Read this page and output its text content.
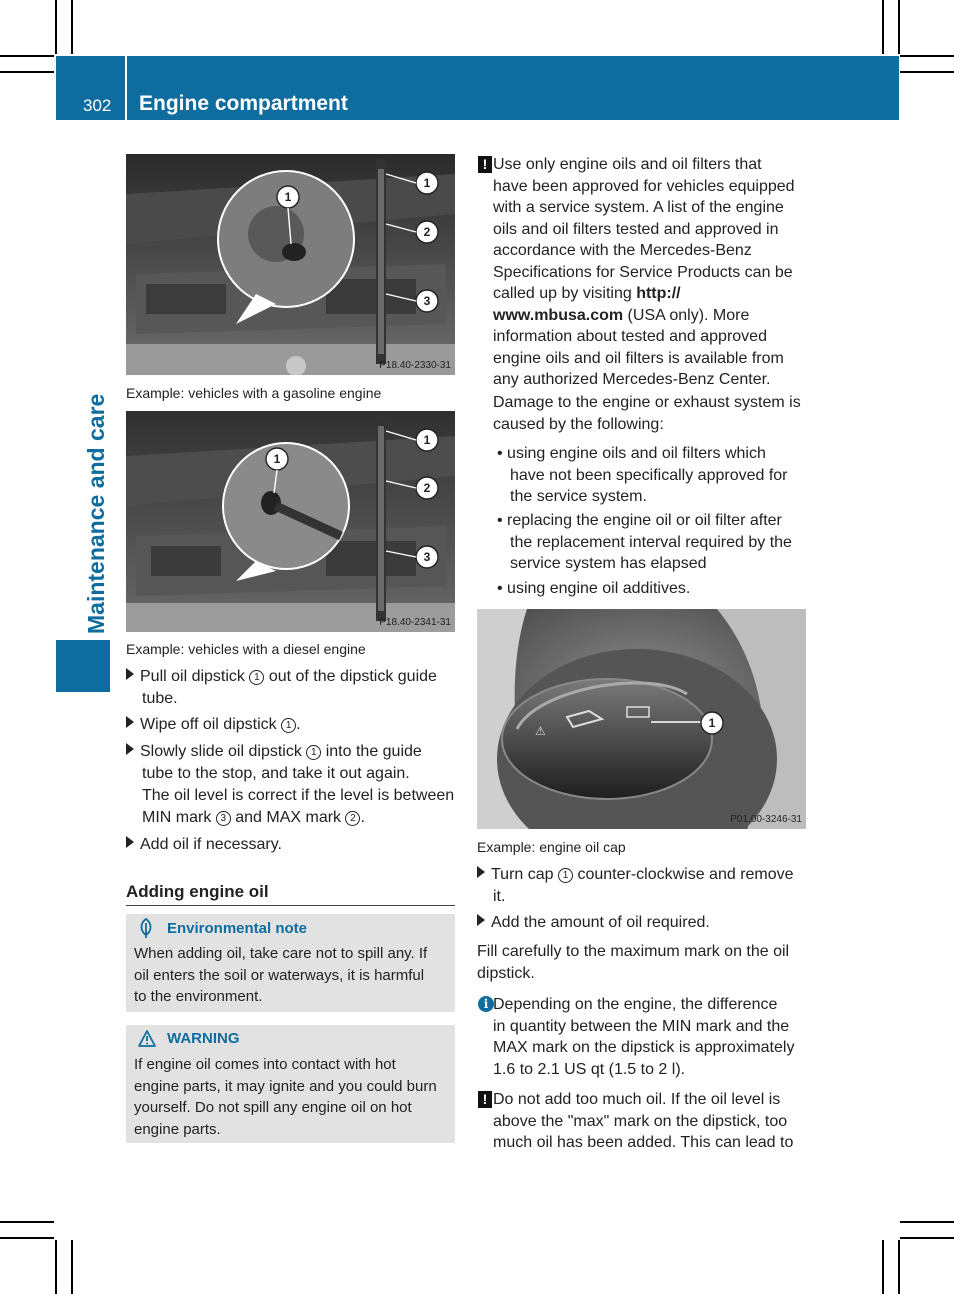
302 Engine compartment
Maintenance and care
1
2
3
1
P18.40-2330-31
Example: vehicles with a gasoline engine
1
2
3
1
P18.40-2341-31
Example: vehicles with a diesel engine
Pull oil dipstick 1 out of the dipstick guide
tube.
Wipe off oil dipstick 1 .
Slowly slide oil dipstick 1 into the guide
tube to the stop, and take it out again.
The oil level is correct if the level is between
MIN mark 3 and MAX mark 2 .
Add oil if necessary.
Adding engine oil
Environmental note
When adding oil, take care not to spill any. If
oil enters the soil or waterways, it is harmful
to the environment.
WARNING
If engine oil comes into contact with hot
engine parts, it may ignite and you could burn
yourself. Do not spill any engine oil on hot
engine parts.
! Use only engine oils and oil filters that
have been approved for vehicles equipped
with a service system. A list of the engine
oils and oil filters tested and approved in
accordance with the Mercedes-Benz
Specifications for Service Products can be
called up by visiting http://
www.mbusa.com (USA only). More
information about tested and approved
engine oils and oil filters is available from
any authorized Mercedes-Benz Center.
Damage to the engine or exhaust system is
caused by the following:
• using engine oils and oil filters which
have not been specifically approved for
the service system.
• replacing the engine oil or oil filter after
the replacement interval required by the
service system has elapsed
• using engine oil additives.
⚠
1
P01.00-3246-31
Example: engine oil cap
Turn cap 1 counter-clockwise and remove
it.
Add the amount of oil required.
Fill carefully to the maximum mark on the oil
dipstick.
i Depending on the engine, the difference
in quantity between the MIN mark and the
MAX mark on the dipstick is approximately
1.6 to 2.1 US qt (1.5 to 2 l).
! Do not add too much oil. If the oil level is
above the "max" mark on the dipstick, too
much oil has been added. This can lead to
